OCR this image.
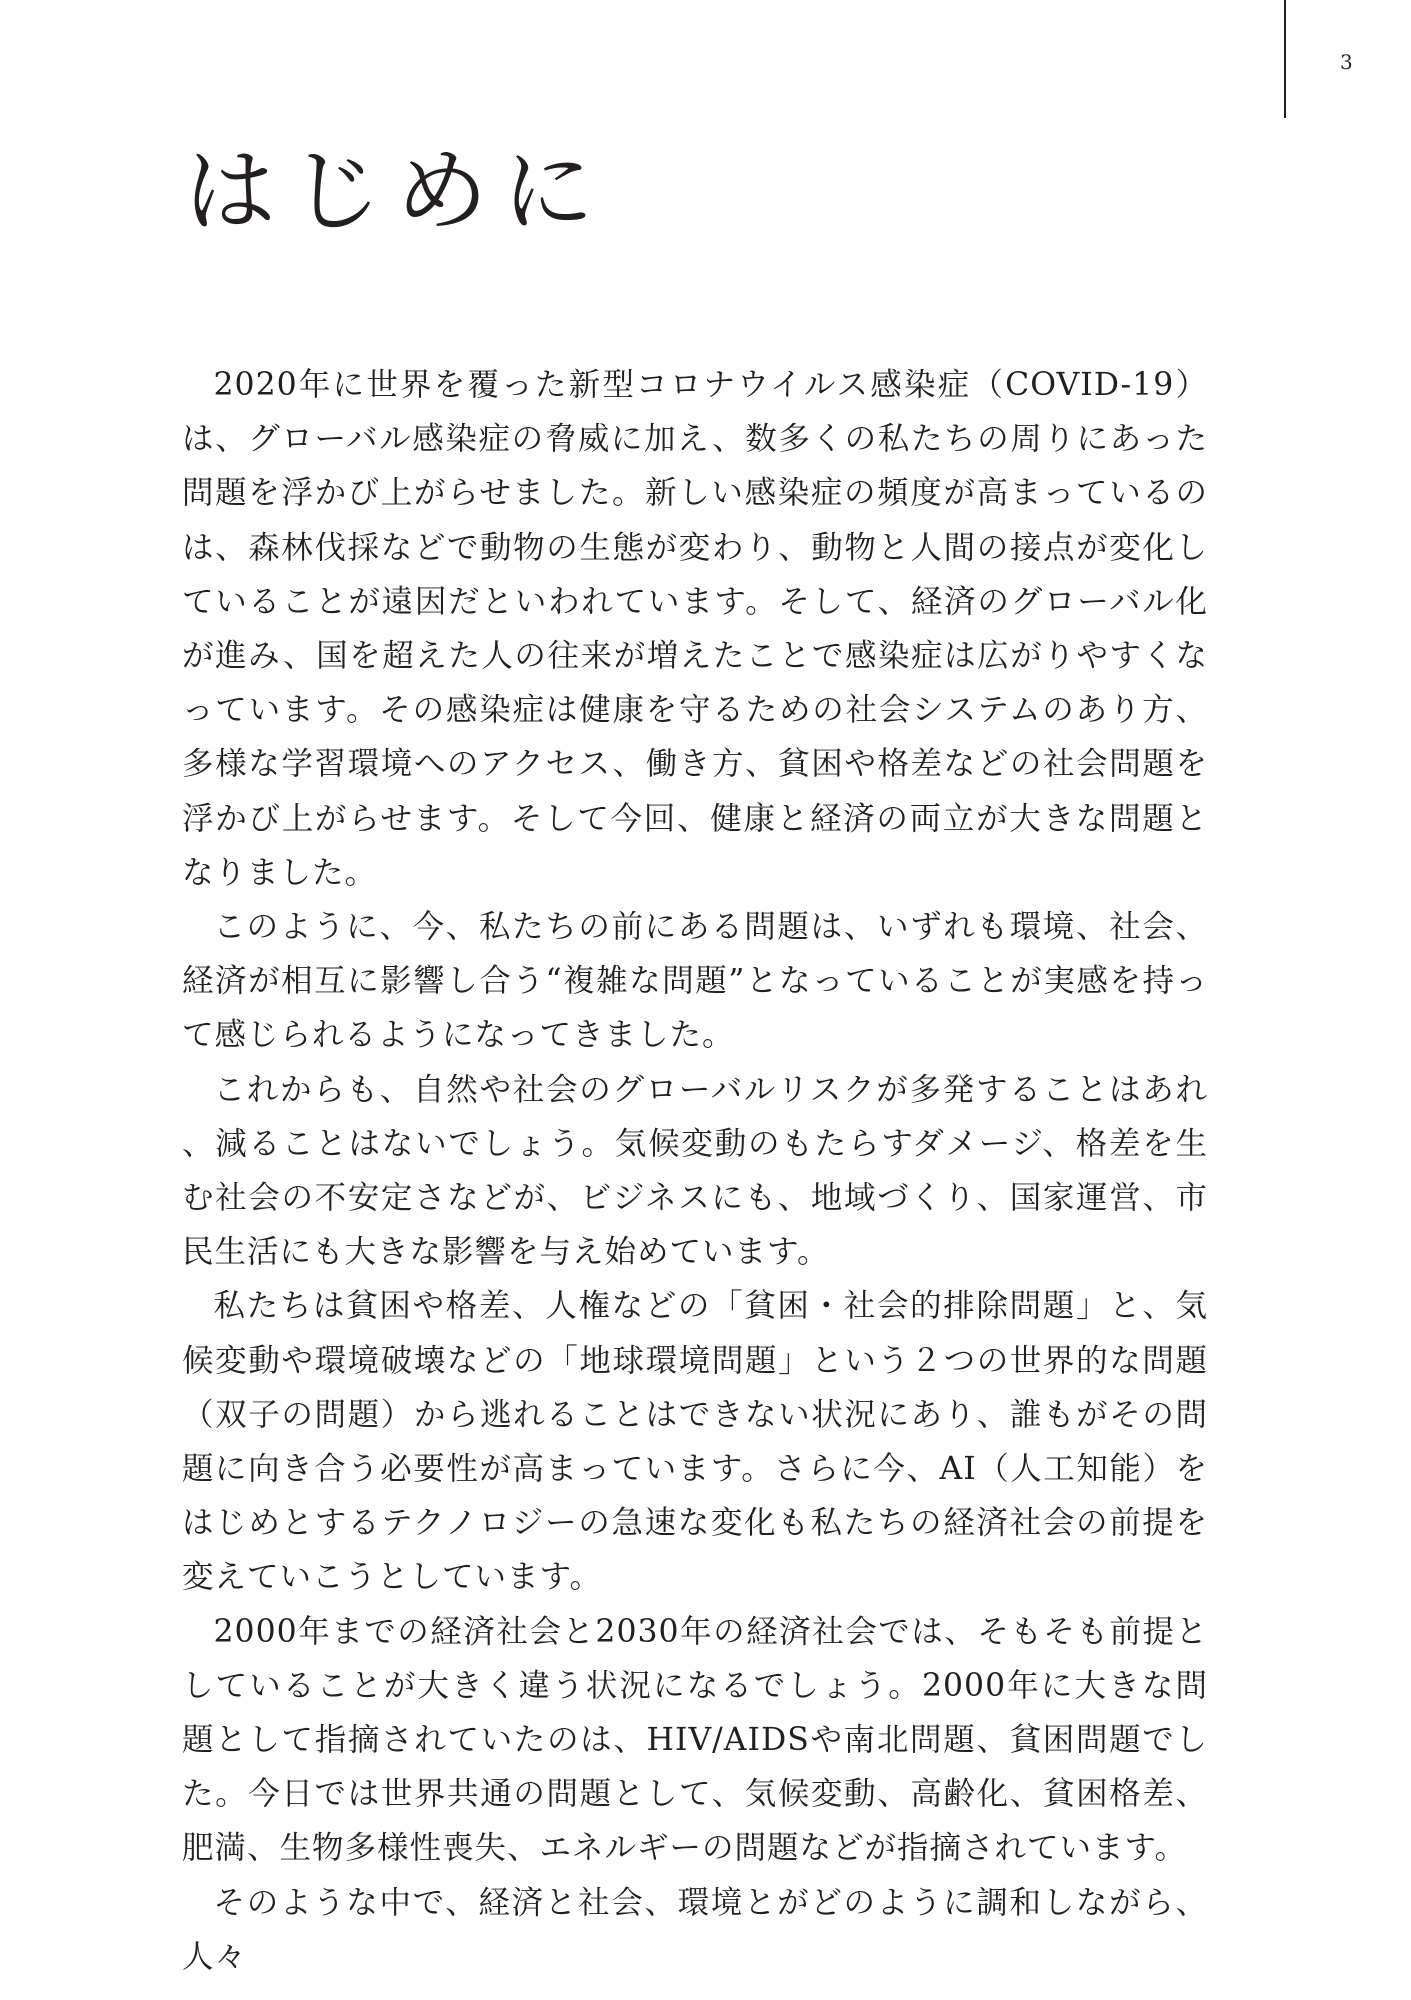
3
はじめに

2020年に世界を覆った新型コロナウイルス感染症（COVID-19）は、グローバル感染症の脅威に加え、数多くの私たちの周りにあった問題を浮かび上がらせました。新しい感染症の頻度が高まっているのは、森林伐採などで動物の生態が変わり、動物と人間の接点が変化していることが遠因だといわれています。そして、経済のグローバル化が進み、国を超えた人の往来が増えたことで感染症は広がりやすくなっています。その感染症は健康を守るための社会システムのあり方、多様な学習環境へのアクセス、働き方、貧困や格差などの社会問題を浮かび上がらせます。そして今回、健康と経済の両立が大きな問題となりました。

このように、今、私たちの前にある問題は、いずれも環境、社会、経済が相互に影響し合う“複雑な問題”となっていることが実感を持って感じられるようになってきました。

これからも、自然や社会のグローバルリスクが多発することはあれ、減ることはないでしょう。気候変動のもたらすダメージ、格差を生む社会の不安定さなどが、ビジネスにも、地域づくり、国家運営、市民生活にも大きな影響を与え始めています。

私たちは貧困や格差、人権などの「貧困・社会的排除問題」と、気候変動や環境破壊などの「地球環境問題」という２つの世界的な問題（双子の問題）から逃れることはできない状況にあり、誰もがその問題に向き合う必要性が高まっています。さらに今、AI（人工知能）をはじめとするテクノロジーの急速な変化も私たちの経済社会の前提を変えていこうとしています。

2000年までの経済社会と2030年の経済社会では、そもそも前提としていることが大きく違う状況になるでしょう。2000年に大きな問題として指摘されていたのは、HIV/AIDSや南北問題、貧困問題でした。今日では世界共通の問題として、気候変動、高齢化、貧困格差、肥満、生物多様性喪失、エネルギーの問題などが指摘されています。

そのような中で、経済と社会、環境とがどのように調和しながら、人々
